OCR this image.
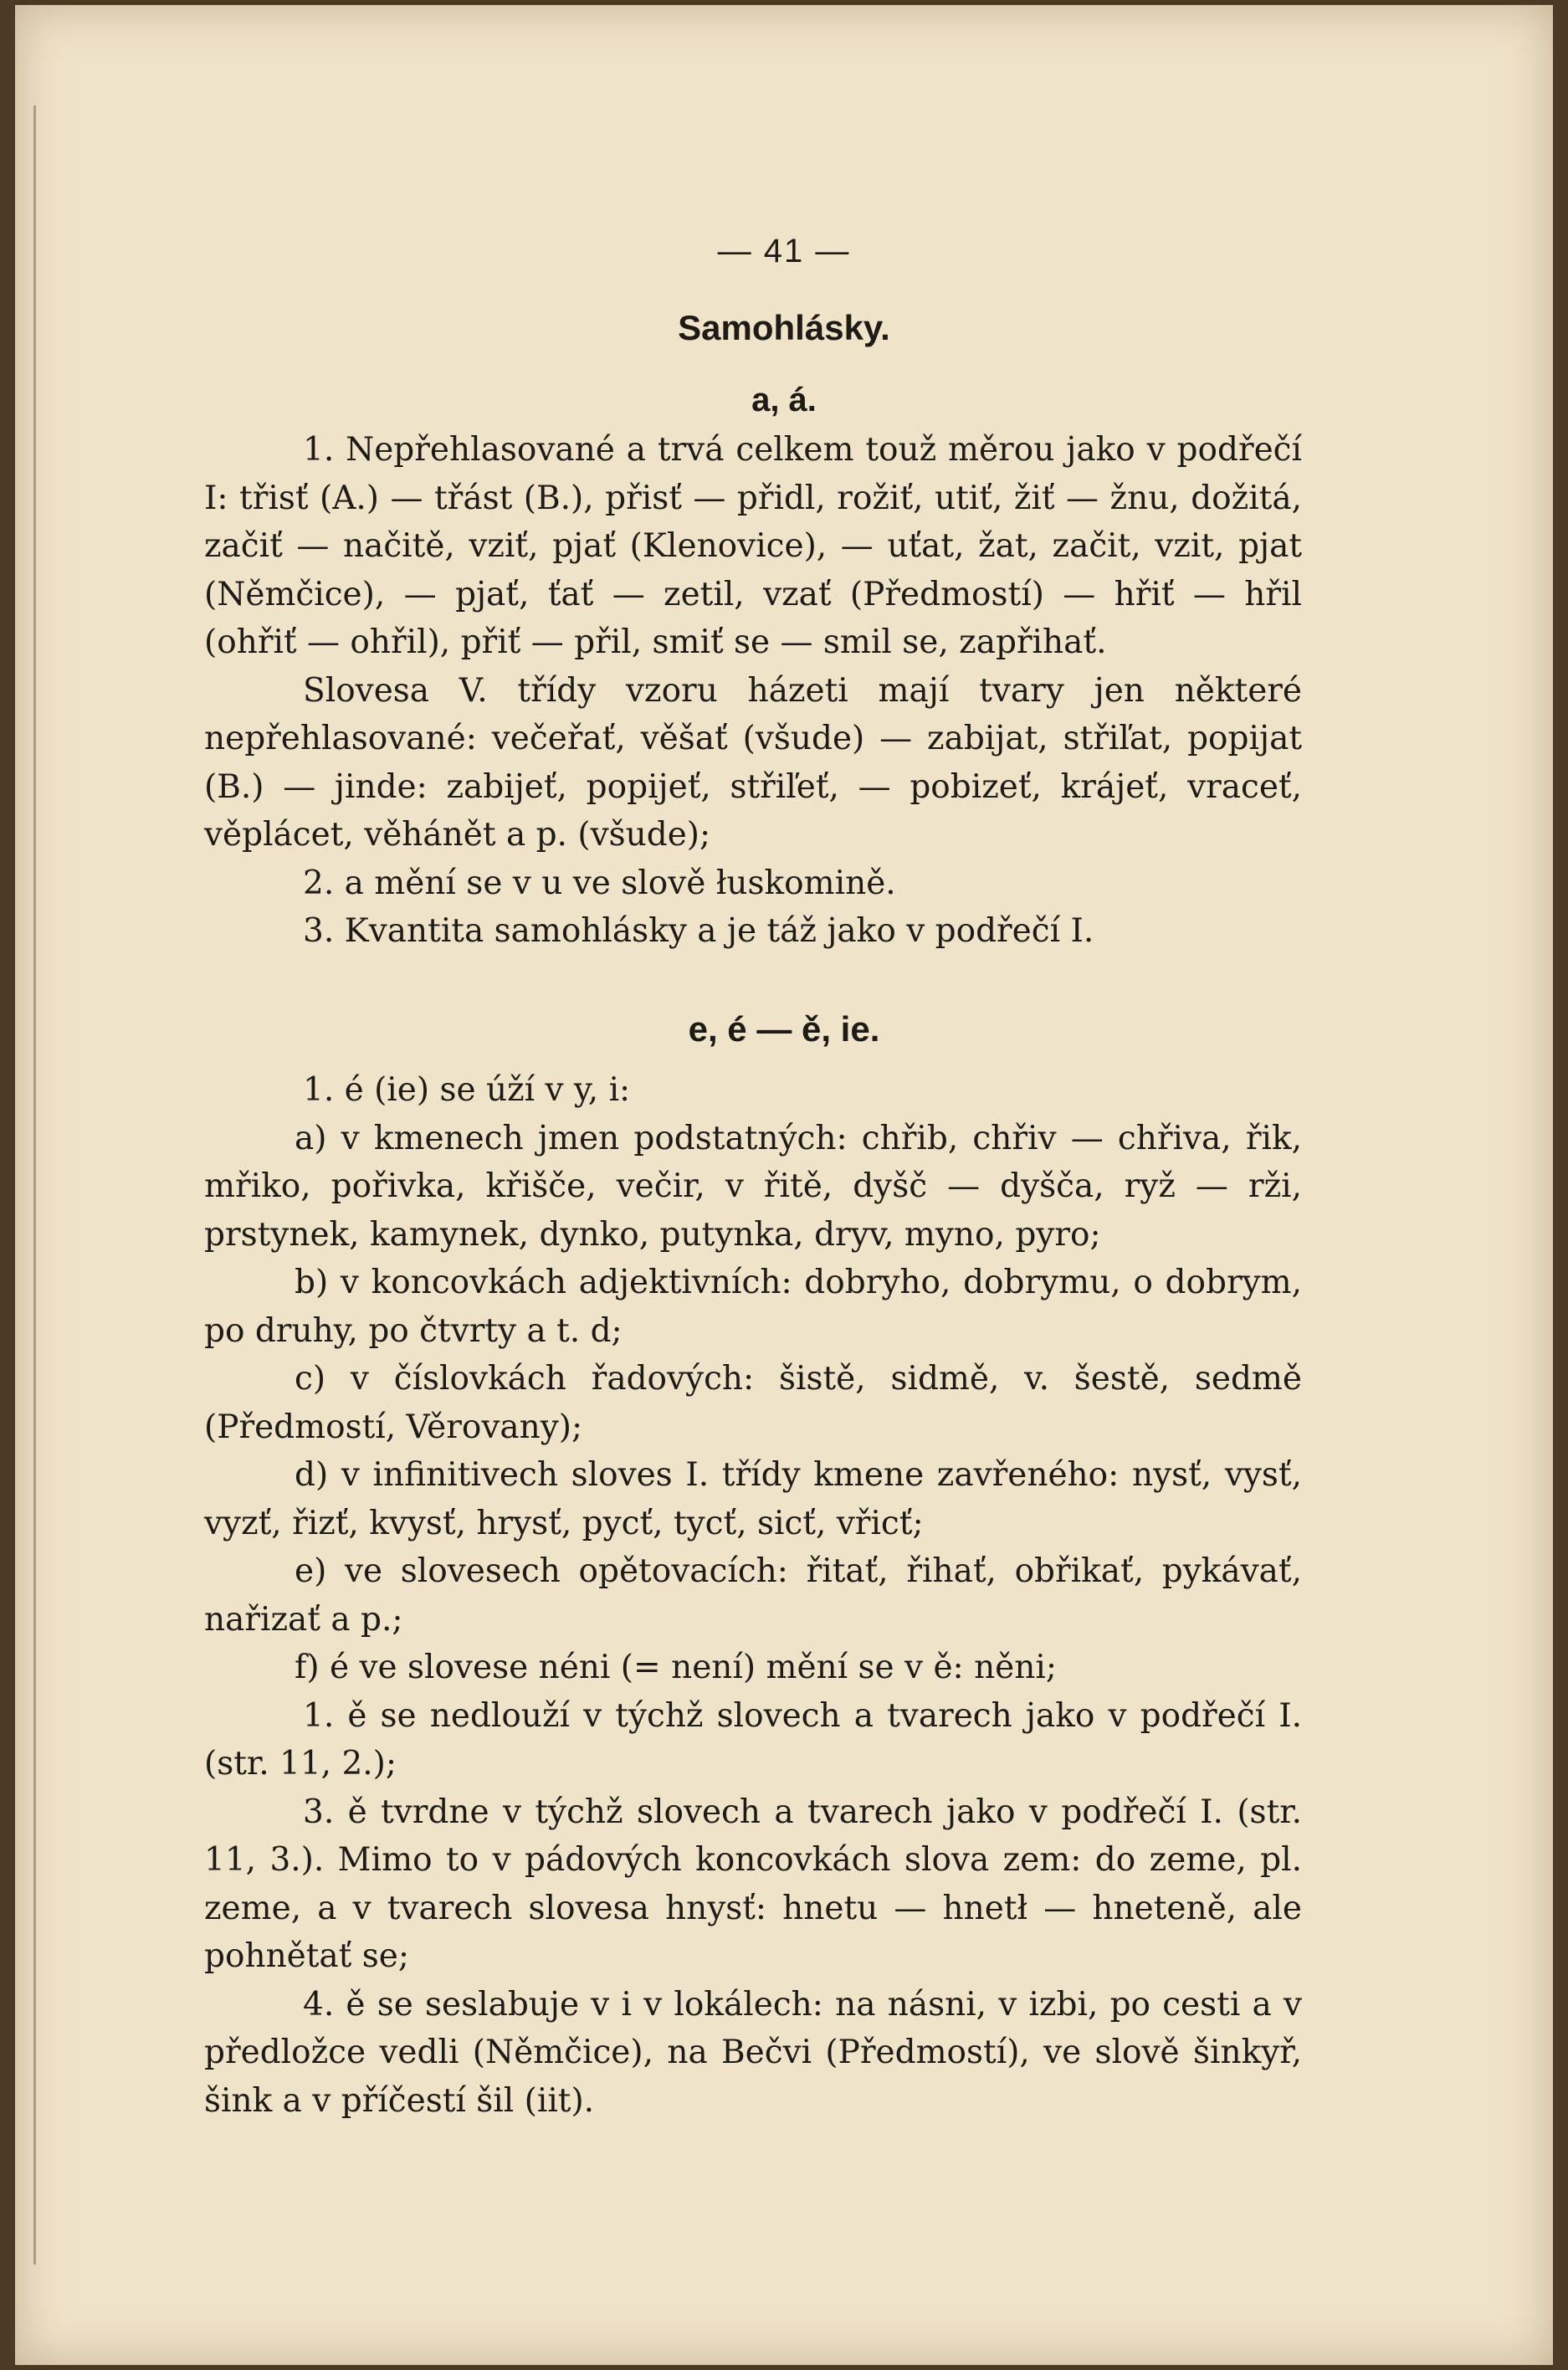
— 41 —
Samohlásky.
a, á.

1. Nepřehlasované a trvá celkem touž měrou jako v podřečí I: třisť (A.) — třást (B.), přisť — přidl, rožiť, utiť, žiť — žnu, dožitá, začiť — načitě, vziť, pjať (Klenovice), — uťat, žat, začit, vzit, pjat (Němčice), — pjať, ťať — zetil, vzať (Předmostí) — hřiť — hřil (ohřiť — ohřil), přiť — přil, smiť se — smil se, zapřihať.

Slovesa V. třídy vzoru házeti mají tvary jen některé nepřehlasované: večeřať, věšať (všude) — zabijat, střiľat, popijat (B.) — jinde: zabijeť, popijeť, střiľeť, — pobizeť, krájeť, vraceť, věplácet, věhánět a p. (všude);

2. a mění se v u ve slově łuskomině.

3. Kvantita samohlásky a je táž jako v podřečí I.

e, é — ě, ie.

1. é (ie) se úží v y, i:

a) v kmenech jmen podstatných: chřib, chřiv — chřiva, řik, mřiko, pořivka, křišče, večir, v řitě, dyšč — dyšča, ryž — rži, prstynek, kamynek, dynko, putynka, dryv, myno, pyro;

b) v koncovkách adjektivních: dobryho, dobrymu, o dobrym, po druhy, po čtvrty a t. d;

c) v číslovkách řadových: šistě, sidmě, v. šestě, sedmě (Předmostí, Věrovany);

d) v infinitivech sloves I. třídy kmene zavřeného: nysť, vysť, vyzť, řizť, kvysť, hrysť, pycť, tycť, sicť, vřicť;

e) ve slovesech opětovacích: řitať, řihať, obřikať, pykávať, nařizať a p.;

f) é ve slovese néni (= není) mění se v ě: něni;

1. ě se nedlouží v týchž slovech a tvarech jako v podřečí I. (str. 11, 2.);

3. ě tvrdne v týchž slovech a tvarech jako v podřečí I. (str. 11, 3.). Mimo to v pádových koncovkách slova zem: do zeme, pl. zeme, a v tvarech slovesa hnysť: hnetu — hnetł — hneteně, ale pohnětať se;

4. ě se seslabuje v i v lokálech: na násni, v izbi, po cesti a v předložce vedli (Němčice), na Bečvi (Předmostí), ve slově šinkyř, šink a v příčestí šil (iit).
